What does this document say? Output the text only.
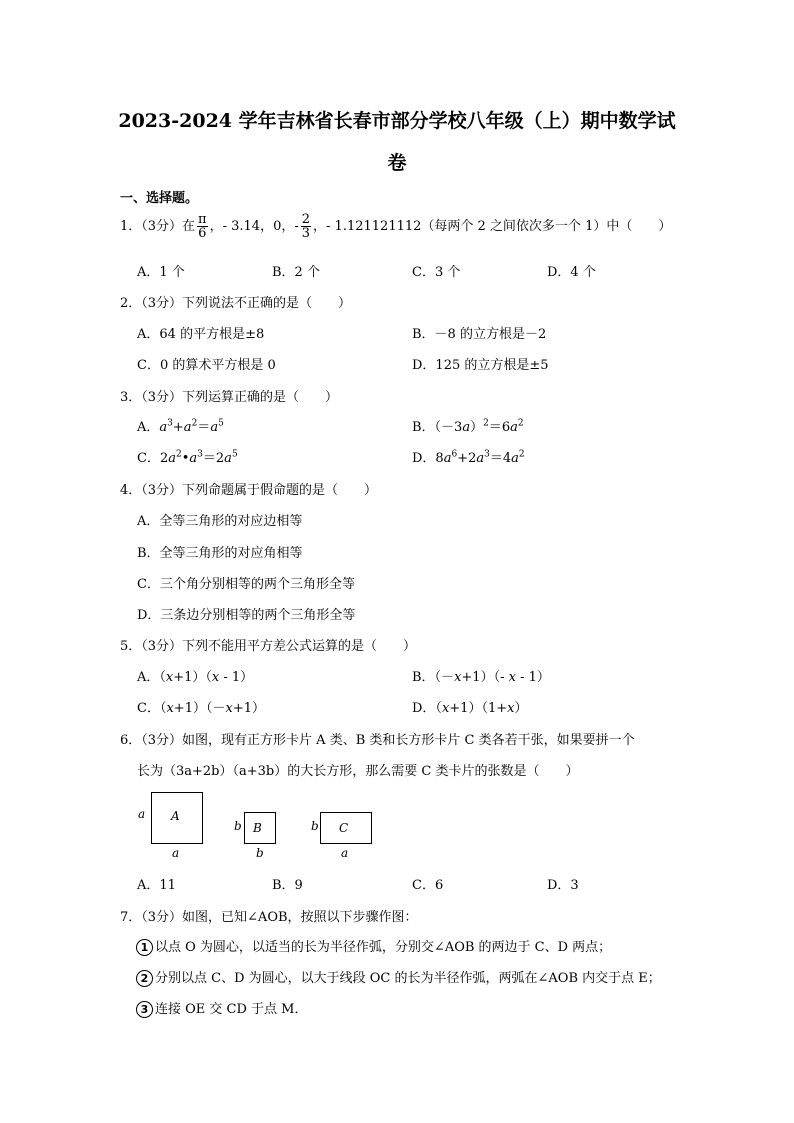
2023-2024 学年吉林省长春市部分学校八年级（上）期中数学试
卷
一、选择题。
1．（3分）在 $\frac{\pi}{6}$ ，- 3.14，0，- $\frac{2}{3}$ ，- 1.121121112（每两个 2 之间依次多一个 1）中（　　）
A．1 个	B．2 个	C．3 个	D．4 个
2．（3分）下列说法不正确的是（　　）
A．64 的平方根是±8	B．－8 的立方根是－2
C．0 的算术平方根是 0	D．125 的立方根是±5
3．（3分）下列运算正确的是（　　）
A．$a^3+a^2=a^5$	B．$(-3a)^2=6a^2$
C．$2a^2•a^3=2a^5$	D．$8a^6+2a^3=4a^2$
4．（3分）下列命题属于假命题的是（　　）
A．全等三角形的对应边相等
B．全等三角形的对应角相等
C．三个角分别相等的两个三角形全等
D．三条边分别相等的两个三角形全等
5．（3分）下列不能用平方差公式运算的是（　　）
A．（x+1）（x - 1）	B．（－x+1）（- x - 1）
C．（x+1）（－x+1）	D．（x+1）（1+x）
6．（3分）如图，现有正方形卡片 A 类、B 类和长方形卡片 C 类各若干张，如果要拼一个
长为（3a+2b）（a+3b）的大长方形，那么需要 C 类卡片的张数是（　　）
A
a
a
B
b
b
C
b
a
A．11	B．9	C．6	D．3
7．（3分）如图，已知∠AOB，按照以下步骤作图：
1 以点 O 为圆心，以适当的长为半径作弧，分别交∠AOB 的两边于 C、D 两点；
2 分别以点 C、D 为圆心，以大于线段 OC 的长为半径作弧，两弧在∠AOB 内交于点 E；
3 连接 OE 交 CD 于点 M．
